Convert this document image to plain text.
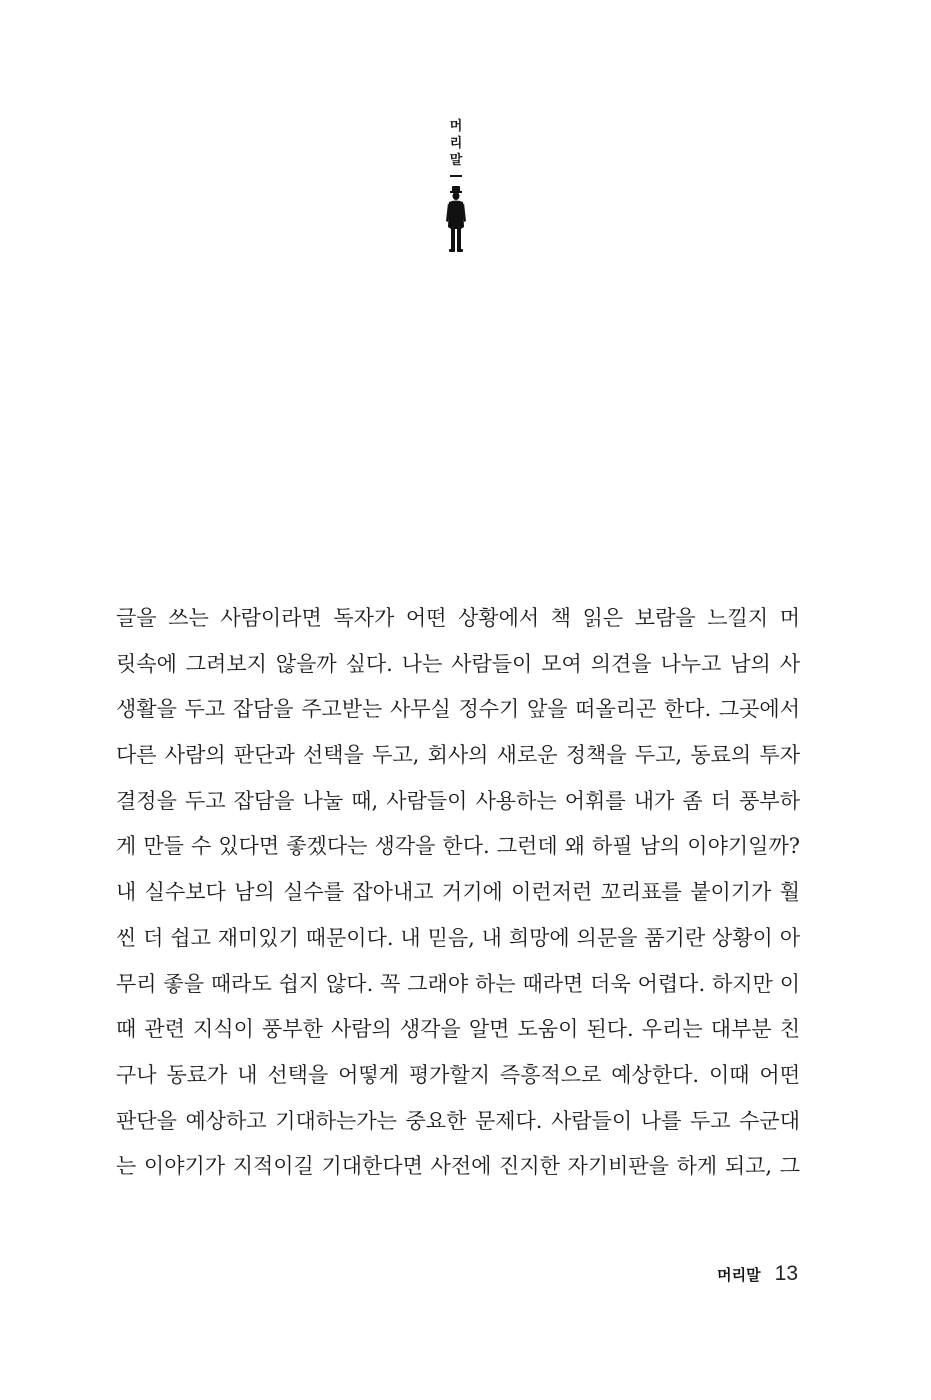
머
리
말
글을 쓰는 사람이라면 독자가 어떤 상황에서 책 읽은 보람을 느낄지 머
릿속에 그려보지 않을까 싶다. 나는 사람들이 모여 의견을 나누고 남의 사
생활을 두고 잡담을 주고받는 사무실 정수기 앞을 떠올리곤 한다. 그곳에서
다른 사람의 판단과 선택을 두고, 회사의 새로운 정책을 두고, 동료의 투자
결정을 두고 잡담을 나눌 때, 사람들이 사용하는 어휘를 내가 좀 더 풍부하
게 만들 수 있다면 좋겠다는 생각을 한다. 그런데 왜 하필 남의 이야기일까?
내 실수보다 남의 실수를 잡아내고 거기에 이런저런 꼬리표를 붙이기가 훨
씬 더 쉽고 재미있기 때문이다. 내 믿음, 내 희망에 의문을 품기란 상황이 아
무리 좋을 때라도 쉽지 않다. 꼭 그래야 하는 때라면 더욱 어렵다. 하지만 이
때 관련 지식이 풍부한 사람의 생각을 알면 도움이 된다. 우리는 대부분 친
구나 동료가 내 선택을 어떻게 평가할지 즉흥적으로 예상한다. 이때 어떤
판단을 예상하고 기대하는가는 중요한 문제다. 사람들이 나를 두고 수군대
는 이야기가 지적이길 기대한다면 사전에 진지한 자기비판을 하게 되고, 그
머리말 13
